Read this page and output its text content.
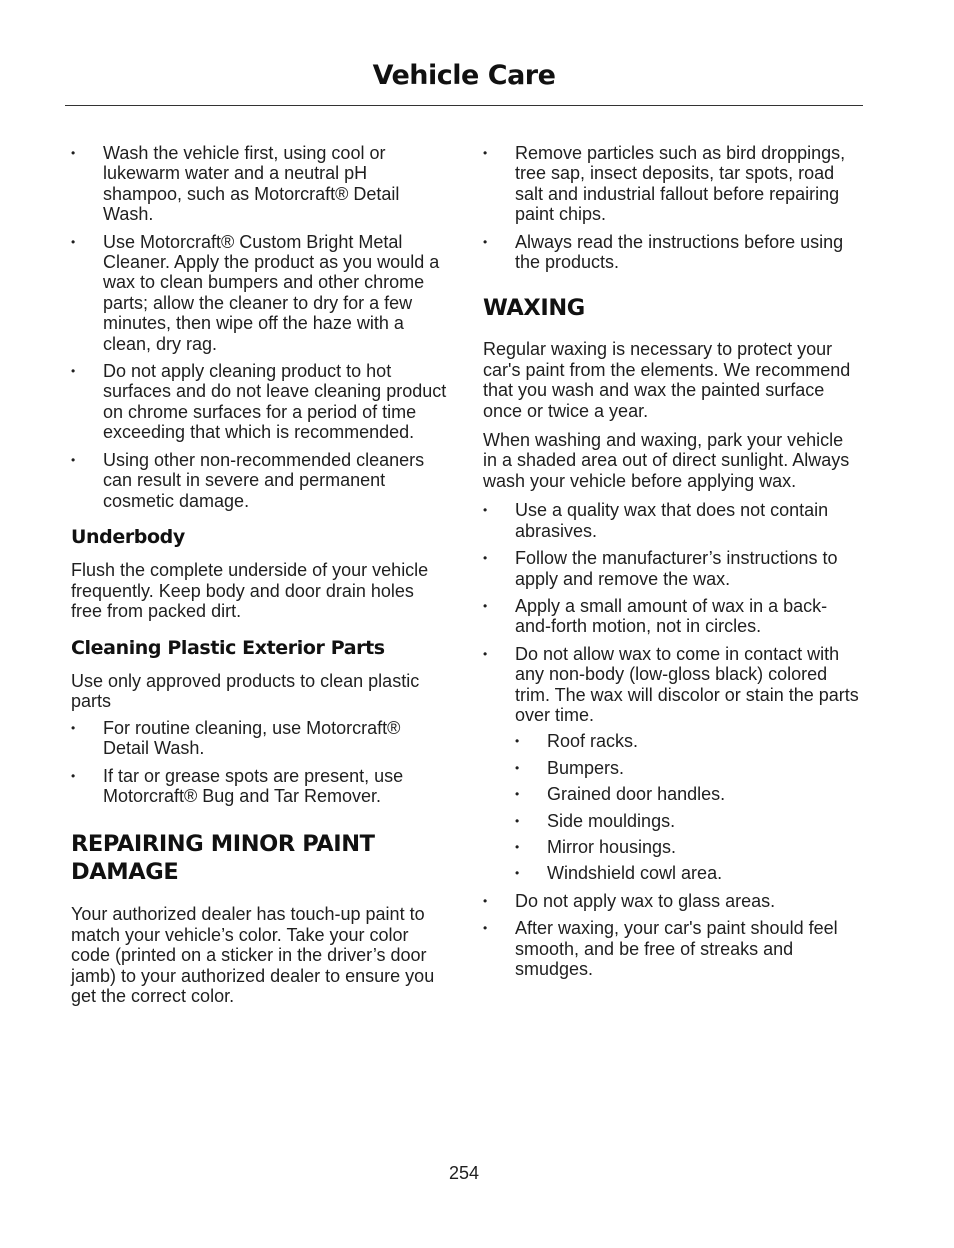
Vehicle Care
• Wash the vehicle first, using cool or lukewarm water and a neutral pH shampoo, such as Motorcraft® Detail Wash.
• Use Motorcraft® Custom Bright Metal Cleaner. Apply the product as you would a wax to clean bumpers and other chrome parts; allow the cleaner to dry for a few minutes, then wipe off the haze with a clean, dry rag.
• Do not apply cleaning product to hot surfaces and do not leave cleaning product on chrome surfaces for a period of time exceeding that which is recommended.
• Using other non-recommended cleaners can result in severe and permanent cosmetic damage.
Underbody

Flush the complete underside of your vehicle frequently. Keep body and door drain holes free from packed dirt.

Cleaning Plastic Exterior Parts

Use only approved products to clean plastic parts

• For routine cleaning, use Motorcraft® Detail Wash.
• If tar or grease spots are present, use Motorcraft® Bug and Tar Remover.
REPAIRING MINOR PAINT DAMAGE

Your authorized dealer has touch-up paint to match your vehicle’s color. Take your color code (printed on a sticker in the driver’s door jamb) to your authorized dealer to ensure you get the correct color.

• Remove particles such as bird droppings, tree sap, insect deposits, tar spots, road salt and industrial fallout before repairing paint chips.
• Always read the instructions before using the products.
WAXING

Regular waxing is necessary to protect your car's paint from the elements. We recommend that you wash and wax the painted surface once or twice a year.

When washing and waxing, park your vehicle in a shaded area out of direct sunlight. Always wash your vehicle before applying wax.

• Use a quality wax that does not contain abrasives.
• Follow the manufacturer’s instructions to apply and remove the wax.
• Apply a small amount of wax in a back-and-forth motion, not in circles.
• Do not allow wax to come in contact with any non-body (low-gloss black) colored trim. The wax will discolor or stain the parts over time.
• Roof racks.
• Bumpers.
• Grained door handles.
• Side mouldings.
• Mirror housings.
• Windshield cowl area.
• Do not apply wax to glass areas.
• After waxing, your car's paint should feel smooth, and be free of streaks and smudges.
254
